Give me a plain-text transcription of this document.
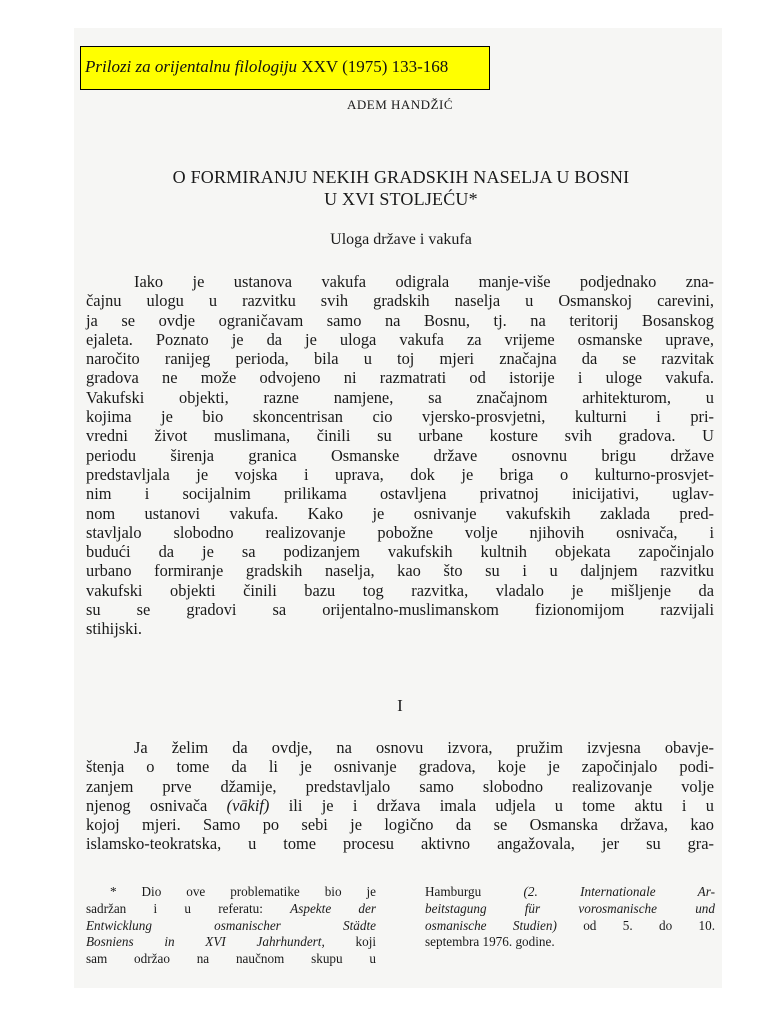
Prilozi za orijentalnu filologiju XXV (1975) 133-168
ADEM HANDŽIĆ
O FORMIRANJU NEKIH GRADSKIH NASELJA U BOSNI
U XVI STOLJEĆU*
Uloga države i vakufa
Iako je ustanova vakufa odigrala manje-više podjednako zna-
čajnu ulogu u razvitku svih gradskih naselja u Osmanskoj carevini,
ja se ovdje ograničavam samo na Bosnu, tj. na teritorij Bosanskog
ejaleta. Poznato je da je uloga vakufa za vrijeme osmanske uprave,
naročito ranijeg perioda, bila u toj mjeri značajna da se razvitak
gradova ne može odvojeno ni razmatrati od istorije i uloge vakufa.
Vakufski objekti, razne namjene, sa značajnom arhitekturom, u
kojima je bio skoncentrisan cio vjersko-prosvjetni, kulturni i pri-
vredni život muslimana, činili su urbane kosture svih gradova. U
periodu širenja granica Osmanske države osnovnu brigu države
predstavljala je vojska i uprava, dok je briga o kulturno-prosvjet-
nim i socijalnim prilikama ostavljena privatnoj inicijativi, uglav-
nom ustanovi vakufa. Kako je osnivanje vakufskih zaklada pred-
stavljalo slobodno realizovanje pobožne volje njihovih osnivača, i
budući da je sa podizanjem vakufskih kultnih objekata započinjalo
urbano formiranje gradskih naselja, kao što su i u daljnjem razvitku
vakufski objekti činili bazu tog razvitka, vladalo je mišljenje da
su se gradovi sa orijentalno-muslimanskom fizionomijom razvijali
stihijski.
I
Ja želim da ovdje, na osnovu izvora, pružim izvjesna obavje-
štenja o tome da li je osnivanje gradova, koje je započinjalo podi-
zanjem prve džamije, predstavljalo samo slobodno realizovanje volje
njenog osnivača (vākif) ili je i država imala udjela u tome aktu i u
kojoj mjeri. Samo po sebi je logično da se Osmanska država, kao
islamsko-teokratska, u tome procesu aktivno angažovala, jer su gra-
* Dio ove problematike bio je
sadržan i u referatu: Aspekte der
Entwicklung osmanischer Städte
Bosniens in XVI Jahrhundert, koji
sam održao na naučnom skupu u
Hamburgu	(2. Internationale Ar-
beitstagung für vorosmanische und
osmanische Studien) od 5. do 10.
septembra 1976. godine.
